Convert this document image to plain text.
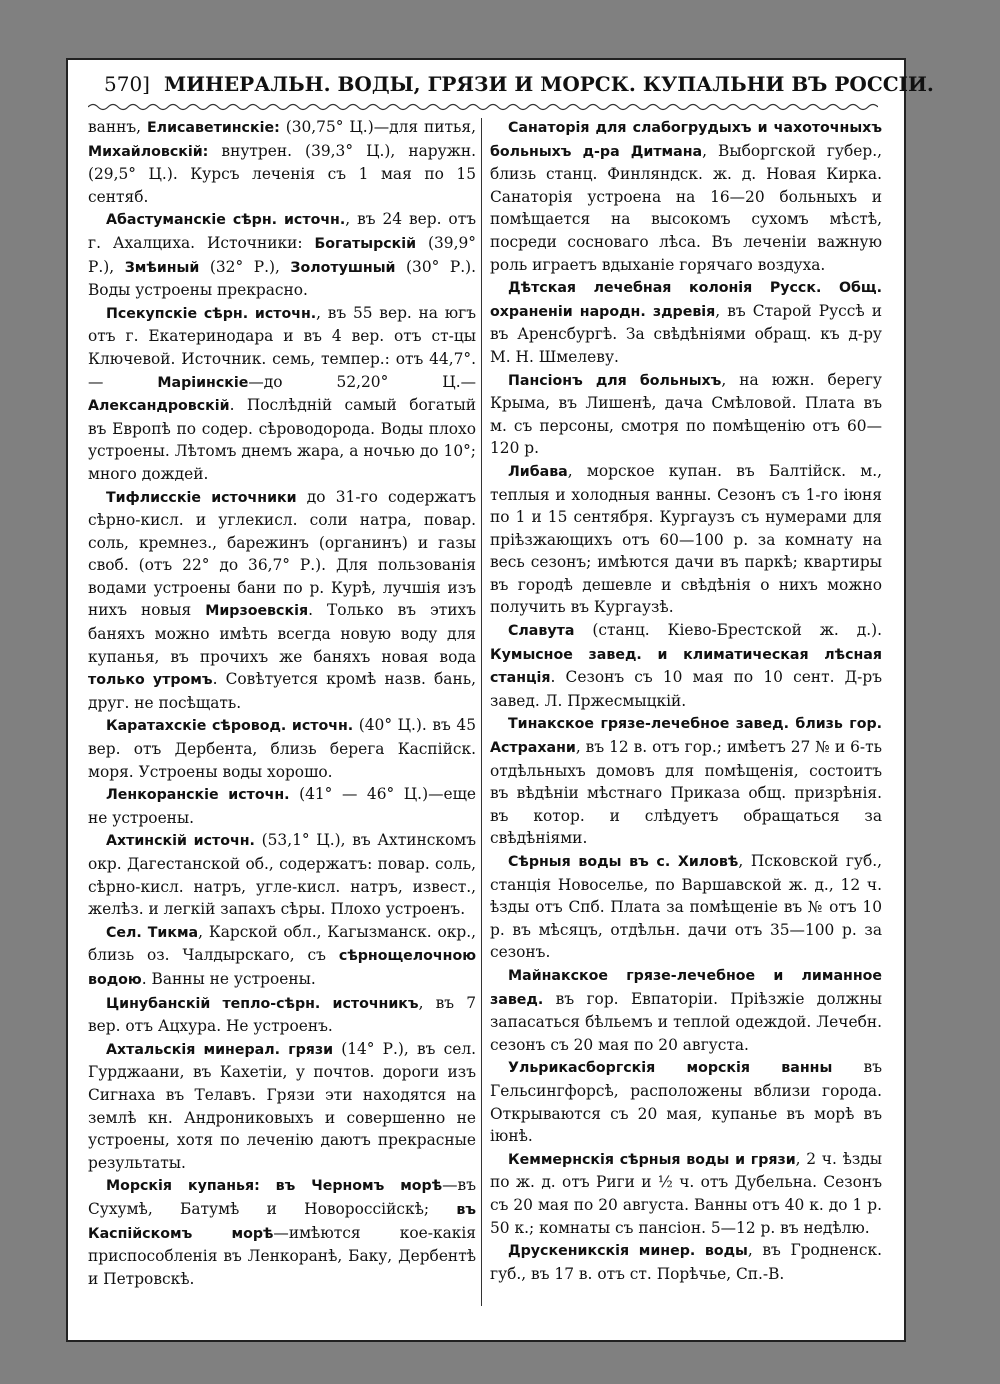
570] МИНЕРАЛЬН. ВОДЫ, ГРЯЗИ И МОРСК. КУПАЛЬНИ ВЪ РОССІИ.

ваннъ, Елисаветинскіе: (30,75° Ц.)—для питья, Михайловскій: внутрен. (39,3° Ц.), наружн. (29,5° Ц.). Курсъ леченія съ 1 мая по 15 сентяб.

Абастуманскіе сѣрн. источн., въ 24 вер. отъ г. Ахалциха. Источники: Богатырскій (39,9° Р.), Змѣиный (32° Р.), Золотушный (30° Р.). Воды устроены прекрасно.

Псекупскіе сѣрн. источн., въ 55 вер. на югъ отъ г. Екатеринодара и въ 4 вер. отъ ст-цы Ключевой. Источник. семь, темпер.: отъ 44,7°.— Маріинскіе—до 52,20° Ц.— Александровскій. Послѣдній самый богатый въ Европѣ по содер. сѣроводорода. Воды плохо устроены. Лѣтомъ днемъ жара, а ночью до 10°; много дождей.

Тифлисскіе источники до 31-го содержатъ сѣрно-кисл. и углекисл. соли натра, повар. соль, кремнез., барежинъ (органинъ) и газы своб. (отъ 22° до 36,7° Р.). Для пользованія водами устроены бани по р. Курѣ, лучшія изъ нихъ новыя Мирзоевскія. Только въ этихъ баняхъ можно имѣть всегда новую воду для купанья, въ прочихъ же баняхъ новая вода только утромъ. Совѣтуется кромѣ назв. бань, друг. не посѣщать.

Каратахскіе сѣровод. источн. (40° Ц.). въ 45 вер. отъ Дербента, близь берега Каспійск. моря. Устроены воды хорошо.

Ленкоранскіе источн. (41° — 46° Ц.)—еще не устроены.

Ахтинскій источн. (53,1° Ц.), въ Ахтинскомъ окр. Дагестанской об., содержатъ: повар. соль, сѣрно-кисл. натръ, угле-кисл. натръ, извест., желѣз. и легкій запахъ сѣры. Плохо устроенъ.

Сел. Тикма, Карской обл., Кагызманск. окр., близь оз. Чалдырскаго, съ сѣрнощелочною водою. Ванны не устроены.

Цинубанскій тепло-сѣрн. источникъ, въ 7 вер. отъ Ацхура. Не устроенъ.

Ахтальскія минерал. грязи (14° Р.), въ сел. Гурджаани, въ Кахетіи, у почтов. дороги изъ Сигнаха въ Телавъ. Грязи эти находятся на землѣ кн. Андрониковыхъ и совершенно не устроены, хотя по леченію даютъ прекрасные результаты.

Морскія купанья: въ Черномъ морѣ—въ Сухумѣ, Батумѣ и Новороссійскѣ; въ Каспійскомъ морѣ—имѣются кое-какія приспособленія въ Ленкоранѣ, Баку, Дербентѣ и Петровскѣ.

Санаторія для слабогрудыхъ и чахоточныхъ больныхъ д-ра Дитмана, Выборгской губер., близь станц. Финляндск. ж. д. Новая Кирка. Санаторія устроена на 16—20 больныхъ и помѣщается на высокомъ сухомъ мѣстѣ, посреди сосноваго лѣса. Въ леченіи важную роль играетъ вдыханіе горячаго воздуха.

Дѣтская лечебная колонія Русск. Общ. охраненіи народн. здревія, въ Старой Руссѣ и въ Аренсбургѣ. За свѣдѣніями обращ. къ д-ру М. Н. Шмелеву.

Пансіонъ для больныхъ, на южн. берегу Крыма, въ Лишенѣ, дача Смѣловой. Плата въ м. съ персоны, смотря по помѣщенію отъ 60—120 р.

Либава, морское купан. въ Балтійск. м., теплыя и холодныя ванны. Сезонъ съ 1-го іюня по 1 и 15 сентября. Кургаузъ съ нумерами для пріѣзжающихъ отъ 60—100 р. за комнату на весь сезонъ; имѣются дачи въ паркѣ; квартиры въ городѣ дешевле и свѣдѣнія о нихъ можно получить въ Кургаузѣ.

Славута (станц. Кіево-Брестской ж. д.). Кумысное завед. и климатическая лѣсная станція. Сезонъ съ 10 мая по 10 сент. Д-ръ завед. Л. Пржесмыцкій.

Тинакское грязе-лечебное завед. близь гор. Астрахани, въ 12 в. отъ гор.; имѣетъ 27 № и 6-ть отдѣльныхъ домовъ для помѣщенія, состоитъ въ вѣдѣніи мѣстнаго Приказа общ. призрѣнія. въ котор. и слѣдуетъ обращаться за свѣдѣніями.

Сѣрныя воды въ с. Хиловѣ, Псковской губ., станція Новоселье, по Варшавской ж. д., 12 ч. ѣзды отъ Спб. Плата за помѣщеніе въ № отъ 10 р. въ мѣсяцъ, отдѣльн. дачи отъ 35—100 р. за сезонъ.

Майнакское грязе-лечебное и лиманное завед. въ гор. Евпаторіи. Пріѣзжіе должны запасаться бѣльемъ и теплой одеждой. Лечебн. сезонъ съ 20 мая по 20 августа.

Ульрикасборгскія морскія ванны въ Гельсингфорсѣ, расположены вблизи города. Открываются съ 20 мая, купанье въ морѣ въ іюнѣ.

Кеммернскія сѣрныя воды и грязи, 2 ч. ѣзды по ж. д. отъ Риги и ½ ч. отъ Дубельна. Сезонъ съ 20 мая по 20 августа. Ванны отъ 40 к. до 1 р. 50 к.; комнаты съ пансіон. 5—12 р. въ недѣлю.

Друскеникскія минер. воды, въ Гродненск. губ., въ 17 в. отъ ст. Порѣчье, Сп.-В.
